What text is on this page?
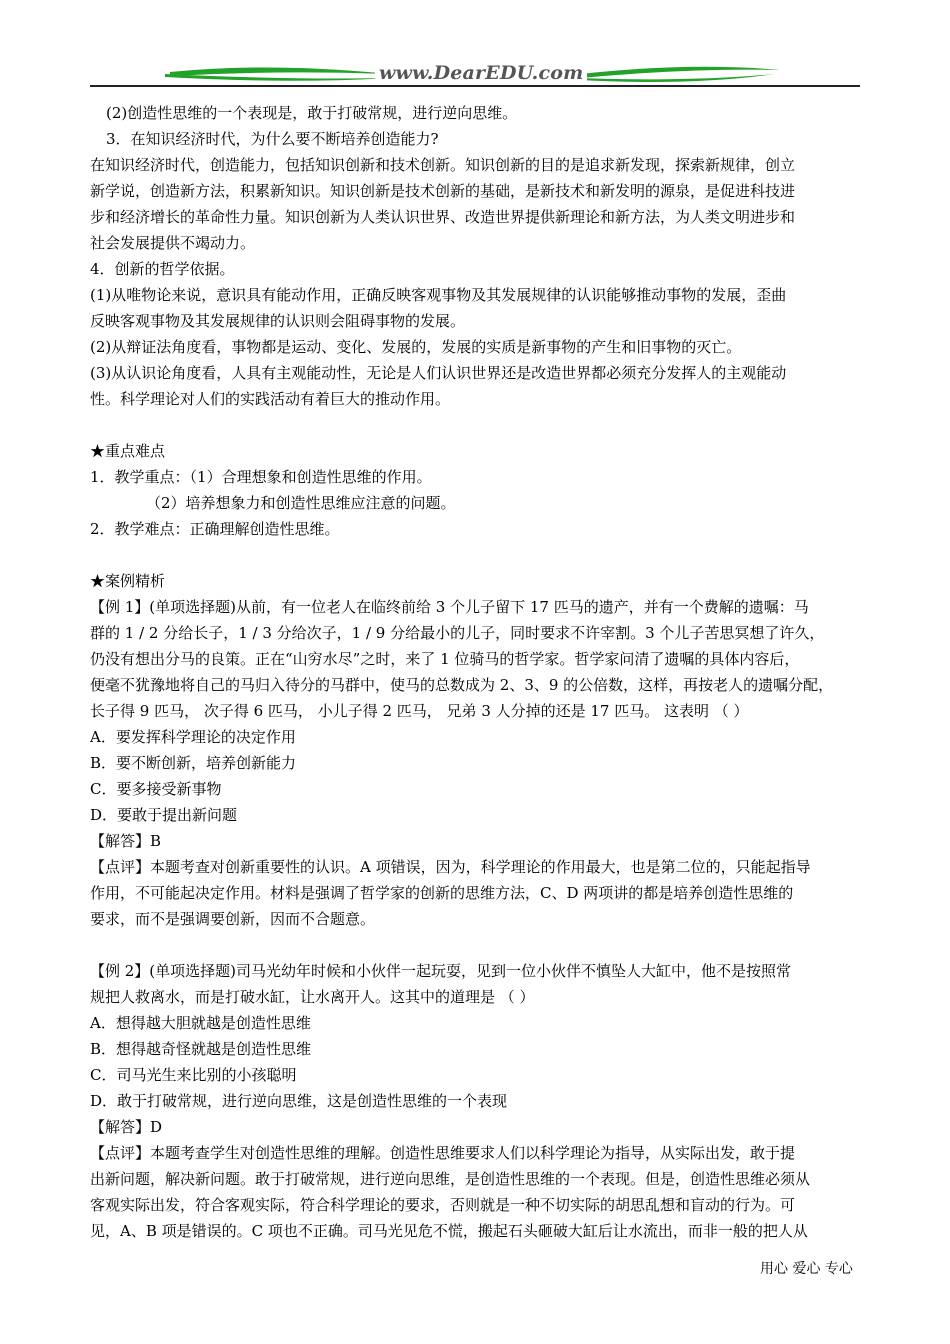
www.DearEDU.com
(2)创造性思维的一个表现是，敢于打破常规，进行逆向思维。
3．在知识经济时代，为什么要不断培养创造能力?
在知识经济时代，创造能力，包括知识创新和技术创新。知识创新的目的是追求新发现，探索新规律，创立
新学说，创造新方法，积累新知识。知识创新是技术创新的基础，是新技术和新发明的源泉，是促进科技进
步和经济增长的革命性力量。知识创新为人类认识世界、改造世界提供新理论和新方法，为人类文明进步和
社会发展提供不竭动力。
4．创新的哲学依据。
(1)从唯物论来说，意识具有能动作用，正确反映客观事物及其发展规律的认识能够推动事物的发展，歪曲
反映客观事物及其发展规律的认识则会阻碍事物的发展。
(2)从辩证法角度看，事物都是运动、变化、发展的，发展的实质是新事物的产生和旧事物的灭亡。
(3)从认识论角度看，人具有主观能动性，无论是人们认识世界还是改造世界都必须充分发挥人的主观能动
性。科学理论对人们的实践活动有着巨大的推动作用。
★重点难点
1．教学重点：（1）合理想象和创造性思维的作用。
（2）培养想象力和创造性思维应注意的问题。
2．教学难点：正确理解创造性思维。
★案例精析
【例 1】(单项选择题)从前，有一位老人在临终前给 3 个儿子留下 17 匹马的遗产，并有一个费解的遗嘱：马
群的 1 / 2 分给长子，1 / 3 分给次子，1 / 9 分给最小的儿子，同时要求不许宰割。3 个儿子苦思冥想了许久，
仍没有想出分马的良策。正在“山穷水尽”之时，来了 1 位骑马的哲学家。哲学家问清了遗嘱的具体内容后，
便毫不犹豫地将自己的马归入待分的马群中，使马的总数成为 2、3、9 的公倍数，这样，再按老人的遗嘱分配，
长子得 9 匹马， 次子得 6 匹马， 小儿子得 2 匹马， 兄弟 3 人分掉的还是 17 匹马。 这表明 （ ）
A．要发挥科学理论的决定作用
B．要不断创新，培养创新能力
C．要多接受新事物
D．要敢于提出新问题
【解答】B
【点评】本题考查对创新重要性的认识。A 项错误，因为，科学理论的作用最大，也是第二位的，只能起指导
作用，不可能起决定作用。材料是强调了哲学家的创新的思维方法，C、D 两项讲的都是培养创造性思维的
要求，而不是强调要创新，因而不合题意。
【例 2】(单项选择题)司马光幼年时候和小伙伴一起玩耍，见到一位小伙伴不慎坠人大缸中，他不是按照常
规把人救离水，而是打破水缸，让水离开人。这其中的道理是 （ ）
A．想得越大胆就越是创造性思维
B．想得越奇怪就越是创造性思维
C．司马光生来比别的小孩聪明
D．敢于打破常规，进行逆向思维，这是创造性思维的一个表现
【解答】D
【点评】本题考查学生对创造性思维的理解。创造性思维要求人们以科学理论为指导，从实际出发，敢于提
出新问题，解决新问题。敢于打破常规，进行逆向思维，是创造性思维的一个表现。但是，创造性思维必须从
客观实际出发，符合客观实际，符合科学理论的要求，否则就是一种不切实际的胡思乱想和盲动的行为。可
见，A、B 项是错误的。C 项也不正确。司马光见危不慌，搬起石头砸破大缸后让水流出，而非一般的把人从
用心 爱心 专心
